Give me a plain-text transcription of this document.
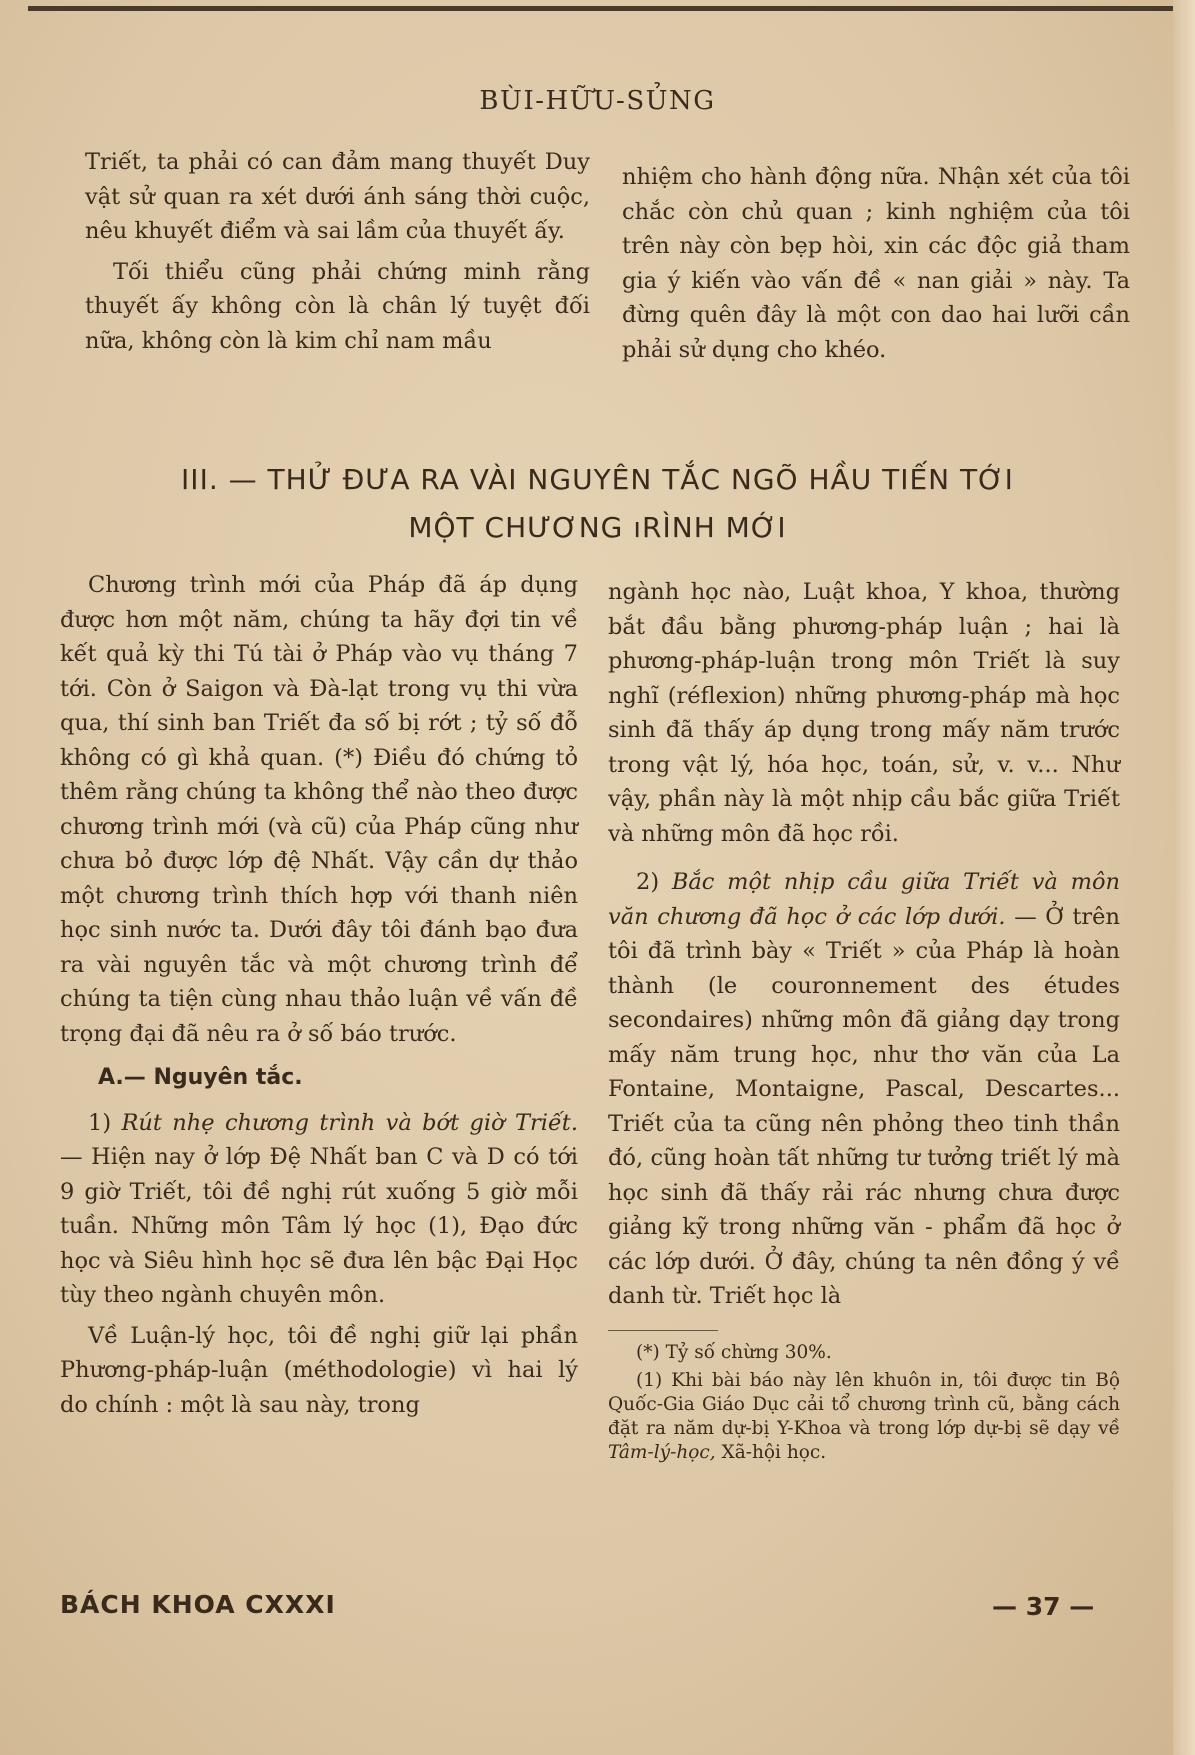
BÙI-HỮU-SỦNG

Triết, ta phải có can đảm mang thuyết Duy vật sử quan ra xét dưới ánh sáng thời cuộc, nêu khuyết điểm và sai lầm của thuyết ấy.

Tối thiểu cũng phải chứng minh rằng thuyết ấy không còn là chân lý tuyệt đối nữa, không còn là kim chỉ nam mầu

nhiệm cho hành động nữa. Nhận xét của tôi chắc còn chủ quan ; kinh nghiệm của tôi trên này còn bẹp hòi, xin các độc giả tham gia ý kiến vào vấn đề « nan giải » này. Ta đừng quên đây là một con dao hai lưỡi cần phải sử dụng cho khéo.

III. — THỬ ĐƯA RA VÀI NGUYÊN TẮC NGÕ HẦU TIẾN TỚI
MỘT CHƯƠNG ıRÌNH MỚI

Chương trình mới của Pháp đã áp dụng được hơn một năm, chúng ta hãy đợi tin về kết quả kỳ thi Tú tài ở Pháp vào vụ tháng 7 tới. Còn ở Saigon và Đà-lạt trong vụ thi vừa qua, thí sinh ban Triết đa số bị rớt ; tỷ số đỗ không có gì khả quan. (*) Điều đó chứng tỏ thêm rằng chúng ta không thể nào theo được chương trình mới (và cũ) của Pháp cũng như chưa bỏ được lớp đệ Nhất. Vậy cần dự thảo một chương trình thích hợp với thanh niên học sinh nước ta. Dưới đây tôi đánh bạo đưa ra vài nguyên tắc và một chương trình để chúng ta tiện cùng nhau thảo luận về vấn đề trọng đại đã nêu ra ở số báo trước.

A.— Nguyên tắc.

1) Rút nhẹ chương trình và bớt giờ Triết. — Hiện nay ở lớp Đệ Nhất ban C và D có tới 9 giờ Triết, tôi đề nghị rút xuống 5 giờ mỗi tuần. Những môn Tâm lý học (1), Đạo đức học và Siêu hình học sẽ đưa lên bậc Đại Học tùy theo ngành chuyên môn.

Về Luận-lý học, tôi đề nghị giữ lại phần Phương-pháp-luận (méthodologie) vì hai lý do chính : một là sau này, trong

ngành học nào, Luật khoa, Y khoa, thường bắt đầu bằng phương-pháp luận ; hai là phương-pháp-luận trong môn Triết là suy nghĩ (réflexion) những phương-pháp mà học sinh đã thấy áp dụng trong mấy năm trước trong vật lý, hóa học, toán, sử, v. v... Như vậy, phần này là một nhịp cầu bắc giữa Triết và những môn đã học rồi.

2) Bắc một nhịp cầu giữa Triết và môn văn chương đã học ở các lớp dưới. — Ở trên tôi đã trình bày « Triết » của Pháp là hoàn thành (le couronnement des études secondaires) những môn đã giảng dạy trong mấy năm trung học, như thơ văn của La Fontaine, Montaigne, Pascal, Descartes... Triết của ta cũng nên phỏng theo tinh thần đó, cũng hoàn tất những tư tưởng triết lý mà học sinh đã thấy rải rác nhưng chưa được giảng kỹ trong những văn - phẩm đã học ở các lớp dưới. Ở đây, chúng ta nên đồng ý về danh từ. Triết học là

(*) Tỷ số chừng 30%.

(1) Khi bài báo này lên khuôn in, tôi được tin Bộ Quốc-Gia Giáo Dục cải tổ chương trình cũ, bằng cách đặt ra năm dự-bị Y-Khoa và trong lớp dự-bị sẽ dạy về Tâm-lý-học, Xã-hội học.

BÁCH KHOA CXXXI	— 37 —
